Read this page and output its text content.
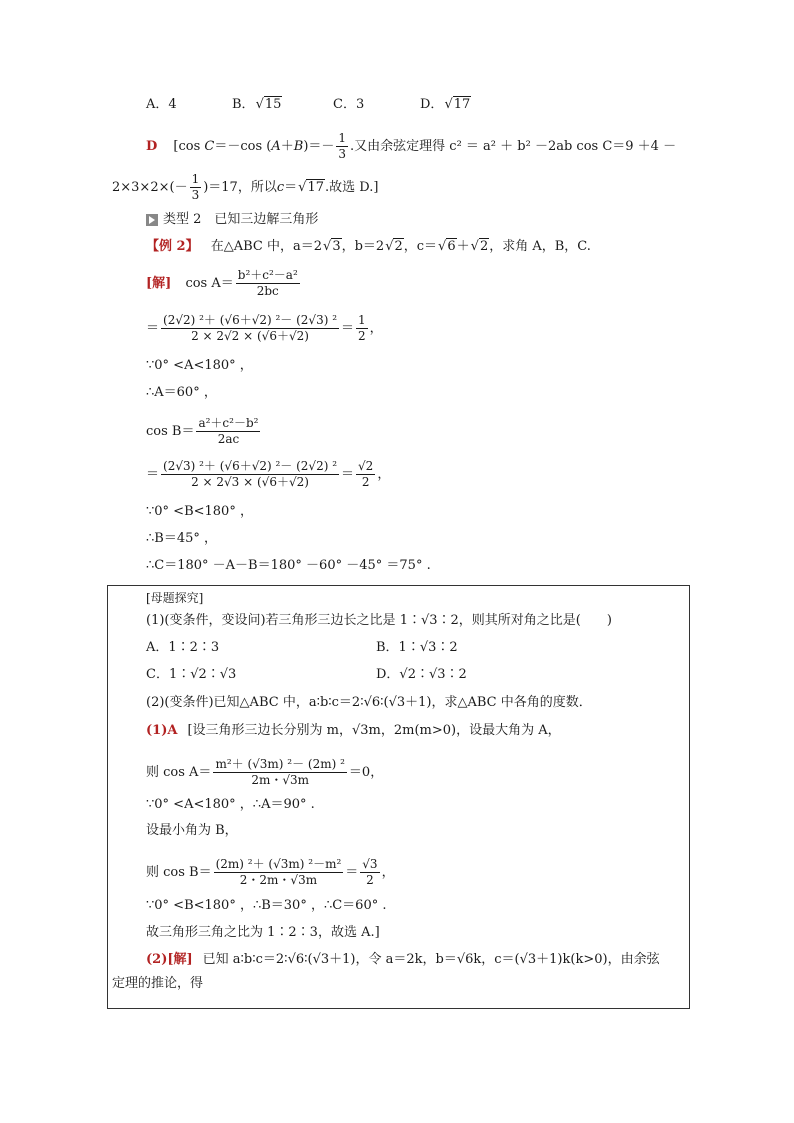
A．4	B．√15	C．3	D．√17
D [cos C＝－cos $(A+B)=- \frac{1}{3}$ .又由余弦定理得 c² ＝ a² ＋ b² －2ab cos C＝9 ＋4 －
$2\times 3\times 2\times(- \frac{1}{3} )=17$，所以c＝√17.故选 D.]
类型 2　已知三边解三角形
【例 2】 在△ABC 中，a＝2√3，b＝2√2，c＝√6＋√2，求角 A，B，C.
[解] $\cos A= \frac{\text{b²＋c²－a²}}{2bc}$
＝ $\frac{\text{(2√2) ²＋ (√6＋√2) ²－ (2√3) ²}}{2 \times 2√2 \times (√6+√2)} = \frac{1}{2}$ ，
∵0° <A<180° ，
∴A＝60° ，
$\cos B= \frac{\text{a²＋c²－b²}}{2ac}$
＝ $\frac{\text{(2√3) ²＋ (√6＋√2) ²－ (2√2) ²}}{2 \times 2√3 \times (√6+√2)} = \frac{√2}{2}$ ，
∵0° <B<180° ，
∴B＝45° ，
∴C＝180° －A－B＝180° －60° －45° ＝75° .
[母题探究]
(1)(变条件，变设问)若三角形三边长之比是 1∶√3∶2，则其所对角之比是(　　)
A．1∶2∶3	B．1∶√3∶2
C．1∶√2∶√3	D．√2∶√3∶2
(2)(变条件)已知△ABC 中，a∶b∶c＝2∶√6∶(√3＋1)，求△ABC 中各角的度数．
(1)A [设三角形三边长分别为 m，√3m，2m(m>0)，设最大角为 A，
则 $\cos A= \frac{\text{m²＋ (√3m) ²－ (2m) ²}}{2m・√3m} =0$，
∵0° <A<180° ，∴A＝90° .
设最小角为 B，
则 $\cos B= \frac{\text{(2m) ²＋ (√3m) ²－m²}}{2・2m・√3m} = \frac{√3}{2}$ ，
∵0° <B<180° ，∴B＝30° ，∴C＝60° .
故三角形三角之比为 1∶2∶3，故选 A.]
(2)[解] 已知 a∶b∶c＝2∶√6∶(√3＋1)，令 a＝2k，b＝√6k，c＝(√3＋1)k(k>0)，由余弦
定理的推论，得
